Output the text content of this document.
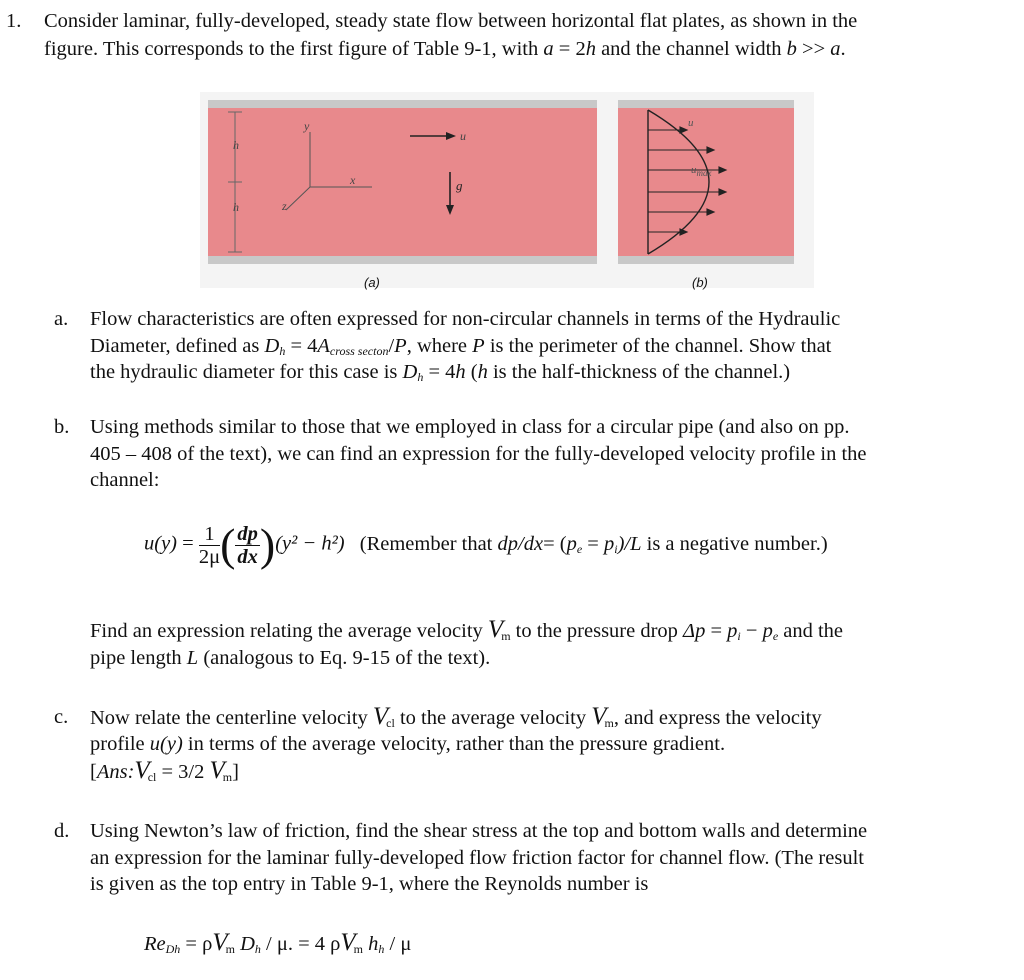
1. Consider laminar, fully-developed, steady state flow between horizontal flat plates, as shown in the
figure. This corresponds to the first figure of Table 9-1, with a = 2h and the channel width b >> a.
h
h
y
x
z
u
g
u
$u_{max}$
(a)	(b)
a. Flow characteristics are often expressed for non-circular channels in terms of the Hydraulic
Diameter, defined as $D_h = 4A_{cross secton}/P$, where P is the perimeter of the channel. Show that
the hydraulic diameter for this case is $D_h = 4h$ (h is the half-thickness of the channel.)
b. Using methods similar to those that we employed in class for a circular pipe (and also on pp.
405 – 408 of the text), we can find an expression for the fully-developed velocity profile in the
channel:
$u(y) = \frac{1}{2\mu}$ ( $\frac{dp}{dx} )(y^2 - h^2)$ (Remember that $dp/dx= (p_e = p_i)/L$ is a negative number.)
Find an expression relating the average velocity $V_m$ to the pressure drop $\Delta p = p_i - p_e$ and the
pipe length L (analogous to Eq. 9-15 of the text).
c. Now relate the centerline velocity $V_{cl}$ to the average velocity $V_m$, and express the velocity
profile u(y) in terms of the average velocity, rather than the pressure gradient.
[$Ans:V_{cl} = 3/2$ $V_m$]
d. Using Newton’s law of friction, find the shear stress at the top and bottom walls and determine
an expression for the laminar fully-developed flow friction factor for channel flow. (The result
is given as the top entry in Table 9-1, where the Reynolds number is
$Re_{Dh} = \rho V_m$ $D_h$ / μ. = 4 $\rho V_m$ $h_h$ / μ
